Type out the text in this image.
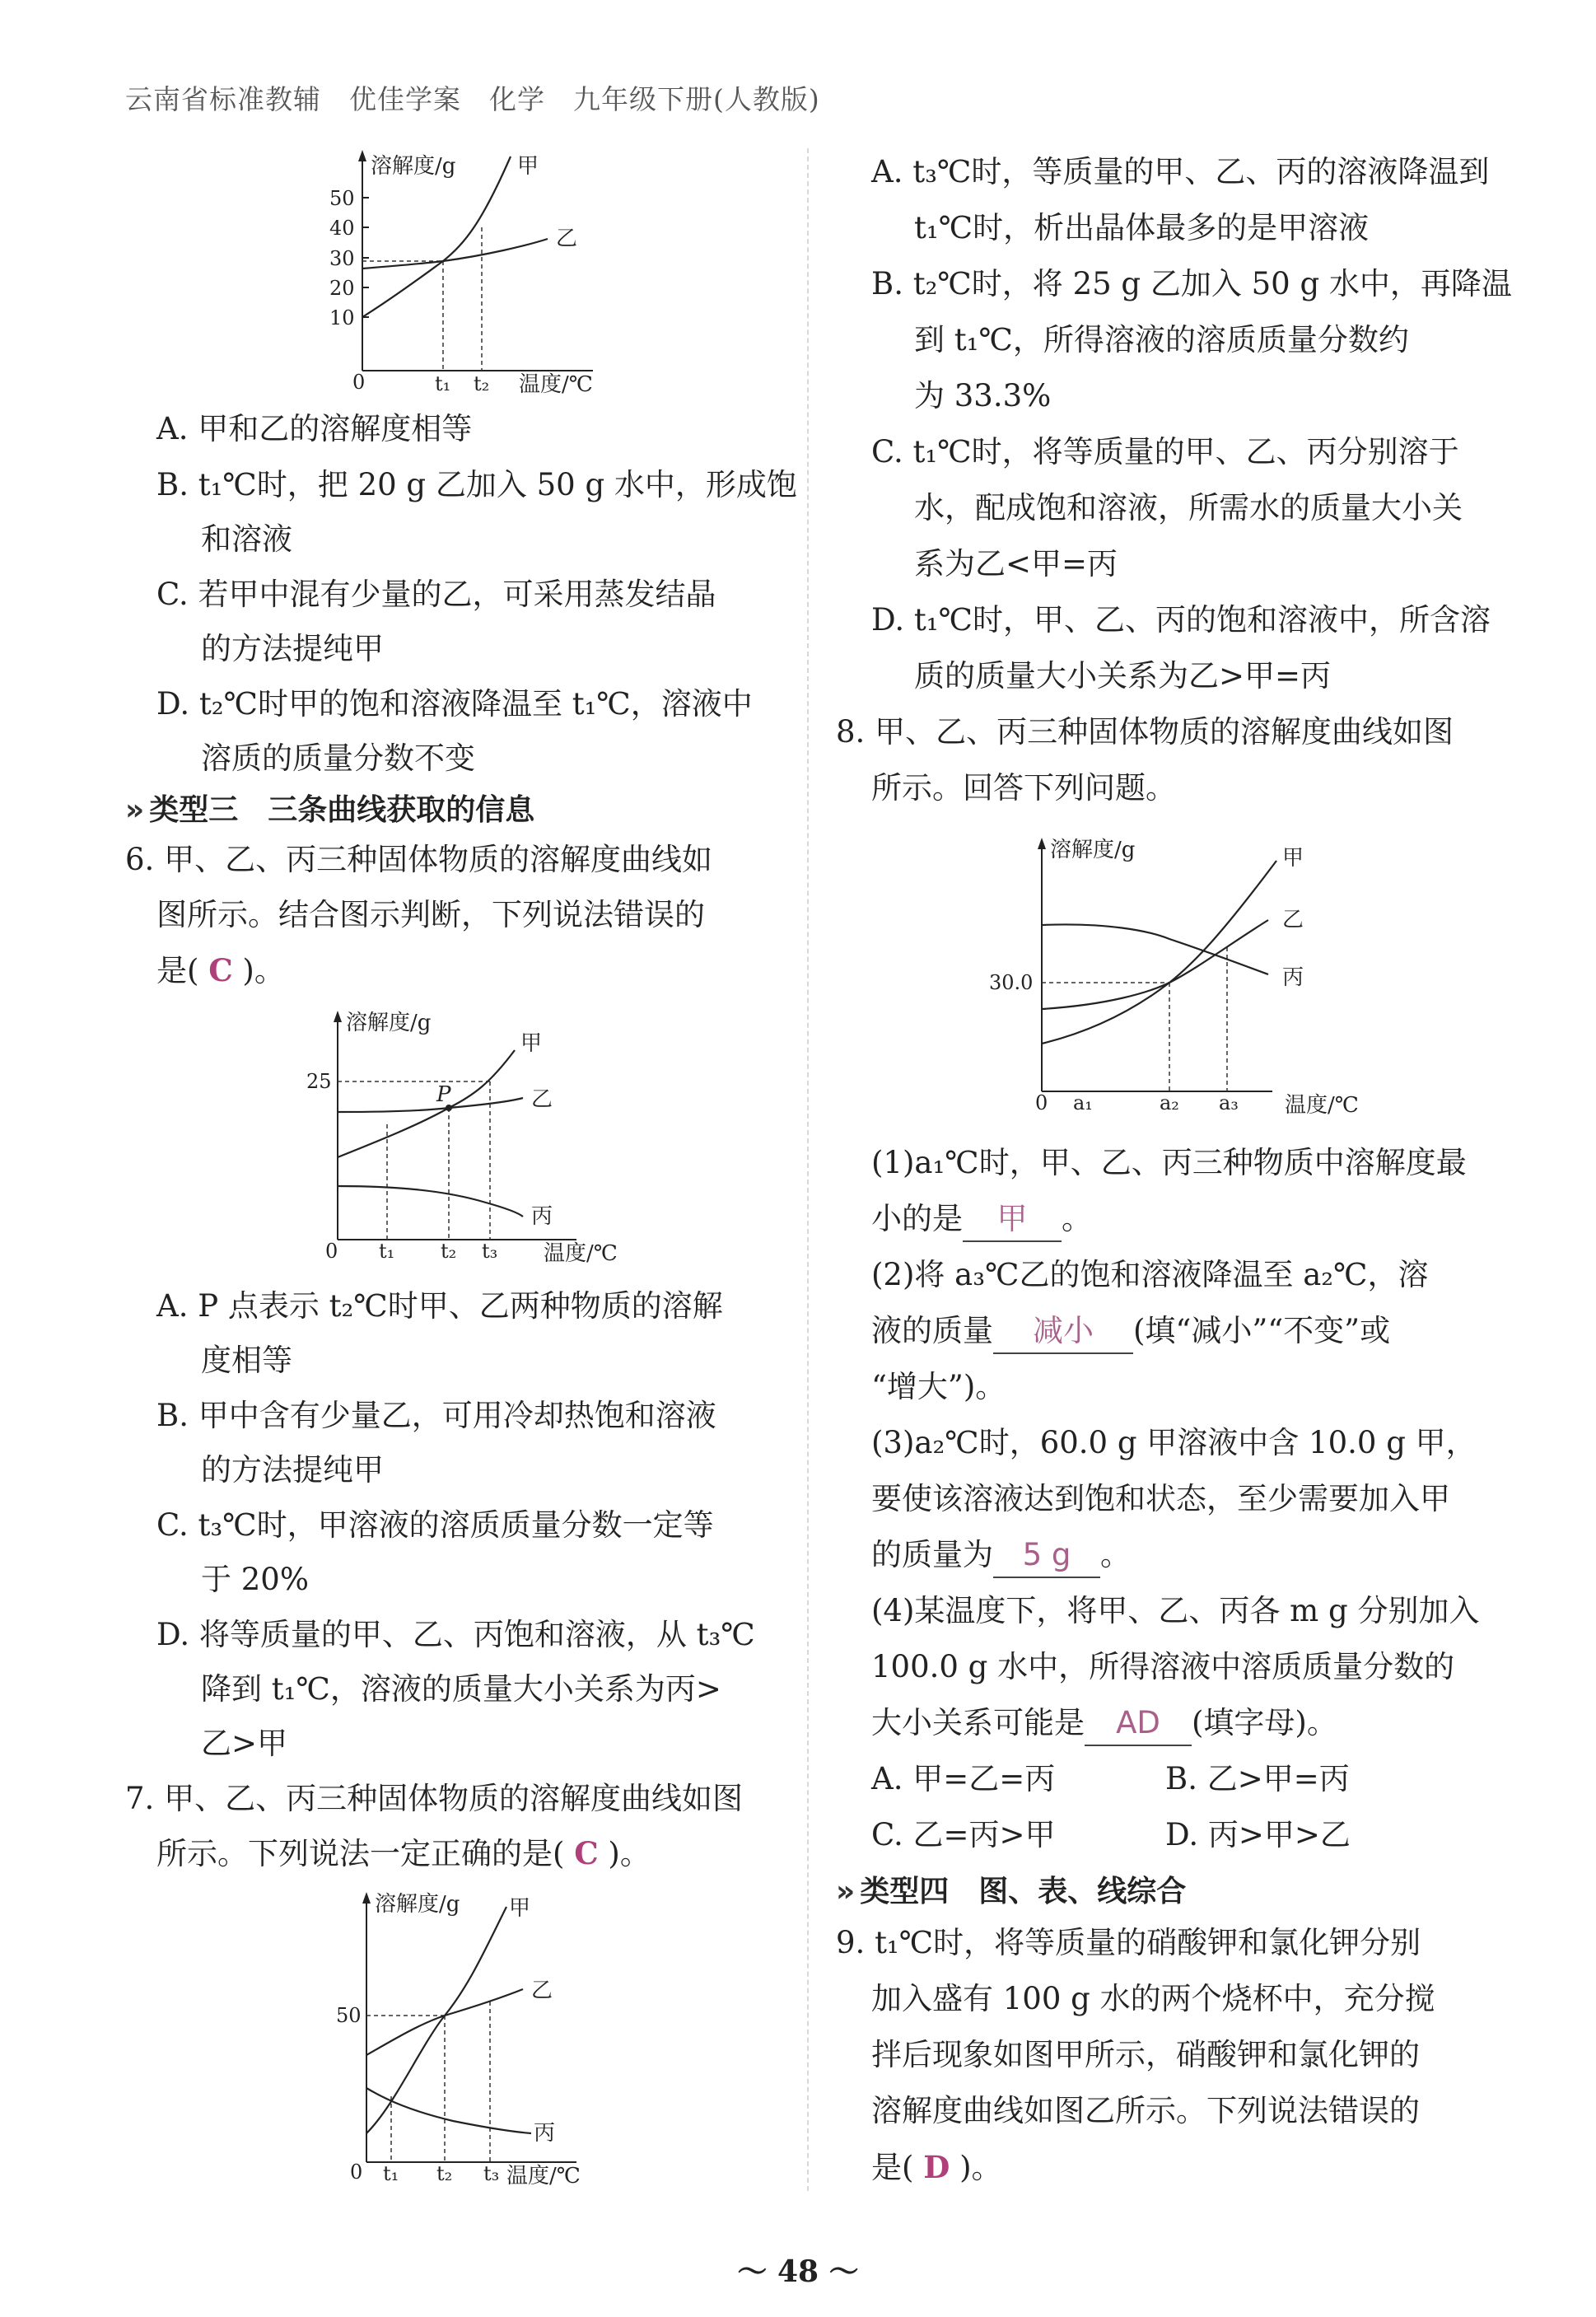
云南省标准教辅　优佳学案　化学　九年级下册(人教版)
50
40
30
20
10
溶解度/g
温度/℃
0	t₁ t₂
甲
乙
A. 甲和乙的溶解度相等
B. t₁℃时，把 20 g 乙加入 50 g 水中，形成饱
和溶液
C. 若甲中混有少量的乙，可采用蒸发结晶
的方法提纯甲
D. t₂℃时甲的饱和溶液降温至 t₁℃，溶液中
溶质的质量分数不变
» 类型三　三条曲线获取的信息
6. 甲、乙、丙三种固体物质的溶解度曲线如
图所示。结合图示判断，下列说法错误的
是( C )。
溶解度/g
温度/℃
0
25
t₁ t₂ t₃
P
甲
乙
丙
A. P 点表示 t₂℃时甲、乙两种物质的溶解
度相等
B. 甲中含有少量乙，可用冷却热饱和溶液
的方法提纯甲
C. t₃℃时，甲溶液的溶质质量分数一定等
于 20%
D. 将等质量的甲、乙、丙饱和溶液，从 t₃℃
降到 t₁℃，溶液的质量大小关系为丙>
乙>甲
7. 甲、乙、丙三种固体物质的溶解度曲线如图
所示。下列说法一定正确的是( C )。
溶解度/g
温度/℃
0
50
t₁ t₂ t₃
甲
乙
丙
A. t₃℃时，等质量的甲、乙、丙的溶液降温到
t₁℃时，析出晶体最多的是甲溶液
B. t₂℃时，将 25 g 乙加入 50 g 水中，再降温
到 t₁℃，所得溶液的溶质质量分数约
为 33.3%
C. t₁℃时，将等质量的甲、乙、丙分别溶于
水，配成饱和溶液，所需水的质量大小关
系为乙<甲=丙
D. t₁℃时，甲、乙、丙的饱和溶液中，所含溶
质的质量大小关系为乙>甲=丙
8. 甲、乙、丙三种固体物质的溶解度曲线如图
所示。回答下列问题。
溶解度/g
温度/℃
0
30.0
a₁	a₂ a₃
甲
乙
丙
(1)a₁℃时，甲、乙、丙三种物质中溶解度最
小的是 甲 。
(2)将 a₃℃乙的饱和溶液降温至 a₂℃，溶
液的质量 减小 (填“减小”“不变”或
“增大”)。
(3)a₂℃时，60.0 g 甲溶液中含 10.0 g 甲，
要使该溶液达到饱和状态，至少需要加入甲
的质量为 5 g 。
(4)某温度下，将甲、乙、丙各 m g 分别加入
100.0 g 水中，所得溶液中溶质质量分数的
大小关系可能是 AD (填字母)。
A. 甲=乙=丙	B. 乙>甲=丙
C. 乙=丙>甲	D. 丙>甲>乙
» 类型四　图、表、线综合
9. t₁℃时，将等质量的硝酸钾和氯化钾分别
加入盛有 100 g 水的两个烧杯中，充分搅
拌后现象如图甲所示，硝酸钾和氯化钾的
溶解度曲线如图乙所示。下列说法错误的
是( D )。
～ 48 ～
